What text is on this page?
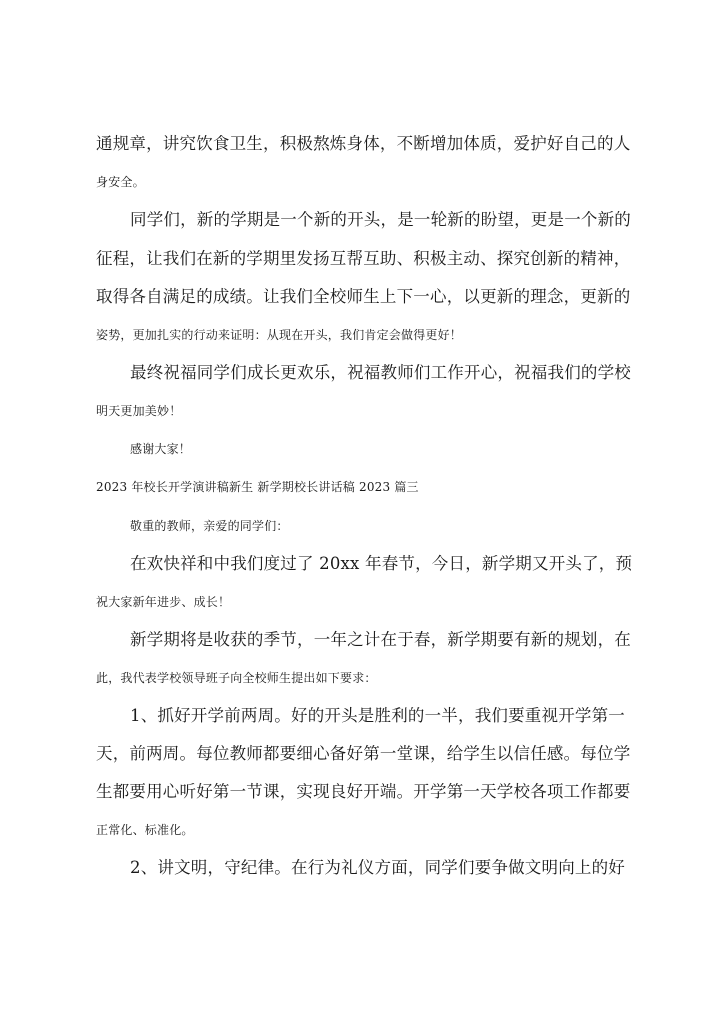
通规章，讲究饮食卫生，积极熬炼身体，不断增加体质，爱护好自己的人
身安全。
同学们，新的学期是一个新的开头，是一轮新的盼望，更是一个新的
征程，让我们在新的学期里发扬互帮互助、积极主动、探究创新的精神，
取得各自满足的成绩。让我们全校师生上下一心，以更新的理念，更新的
姿势，更加扎实的行动来证明：从现在开头，我们肯定会做得更好！
最终祝福同学们成长更欢乐，祝福教师们工作开心，祝福我们的学校
明天更加美妙！
感谢大家！
2023 年校长开学演讲稿新生 新学期校长讲话稿 2023 篇三
敬重的教师，亲爱的同学们：
在欢快祥和中我们度过了 20xx 年春节，今日，新学期又开头了，预
祝大家新年进步、成长！
新学期将是收获的季节，一年之计在于春，新学期要有新的规划，在
此，我代表学校领导班子向全校师生提出如下要求：
1、抓好开学前两周。好的开头是胜利的一半，我们要重视开学第一
天，前两周。每位教师都要细心备好第一堂课，给学生以信任感。每位学
生都要用心听好第一节课，实现良好开端。开学第一天学校各项工作都要
正常化、标准化。
2、讲文明，守纪律。在行为礼仪方面，同学们要争做文明向上的好
